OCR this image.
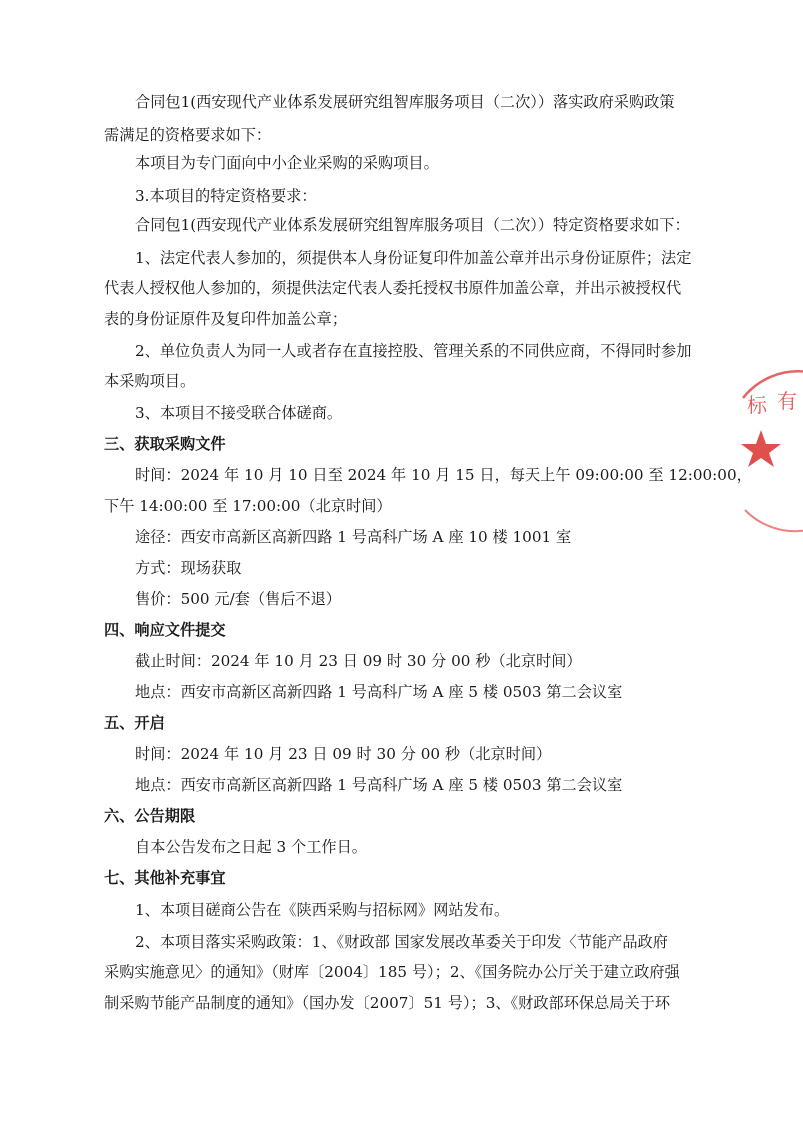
合同包1(西安现代产业体系发展研究组智库服务项目（二次））落实政府采购政策

需满足的资格要求如下：

本项目为专门面向中小企业采购的采购项目。

3.本项目的特定资格要求：

合同包1(西安现代产业体系发展研究组智库服务项目（二次））特定资格要求如下：

1、法定代表人参加的，须提供本人身份证复印件加盖公章并出示身份证原件；法定

代表人授权他人参加的，须提供法定代表人委托授权书原件加盖公章，并出示被授权代

表的身份证原件及复印件加盖公章；

2、单位负责人为同一人或者存在直接控股、管理关系的不同供应商，不得同时参加

本采购项目。

3、本项目不接受联合体磋商。

三、获取采购文件

时间：2024 年 10 月 10 日至 2024 年 10 月 15 日，每天上午 09:00:00 至 12:00:00，

下午 14:00:00 至 17:00:00（北京时间）

途径：西安市高新区高新四路 1 号高科广场 A 座 10 楼 1001 室

方式：现场获取

售价：500 元/套（售后不退）

四、响应文件提交

截止时间：2024 年 10 月 23 日 09 时 30 分 00 秒（北京时间）

地点：西安市高新区高新四路 1 号高科广场 A 座 5 楼 0503 第二会议室

五、开启

时间：2024 年 10 月 23 日 09 时 30 分 00 秒（北京时间）

地点：西安市高新区高新四路 1 号高科广场 A 座 5 楼 0503 第二会议室

六、公告期限

自本公告发布之日起 3 个工作日。

七、其他补充事宜

1、本项目磋商公告在《陕西采购与招标网》网站发布。

2、本项目落实采购政策：1、《财政部 国家发展改革委关于印发〈节能产品政府

采购实施意见〉的通知》（财库〔2004〕185 号）；2、《国务院办公厅关于建立政府强

制采购节能产品制度的通知》（国办发〔2007〕51 号）；3、《财政部环保总局关于环

标 有
